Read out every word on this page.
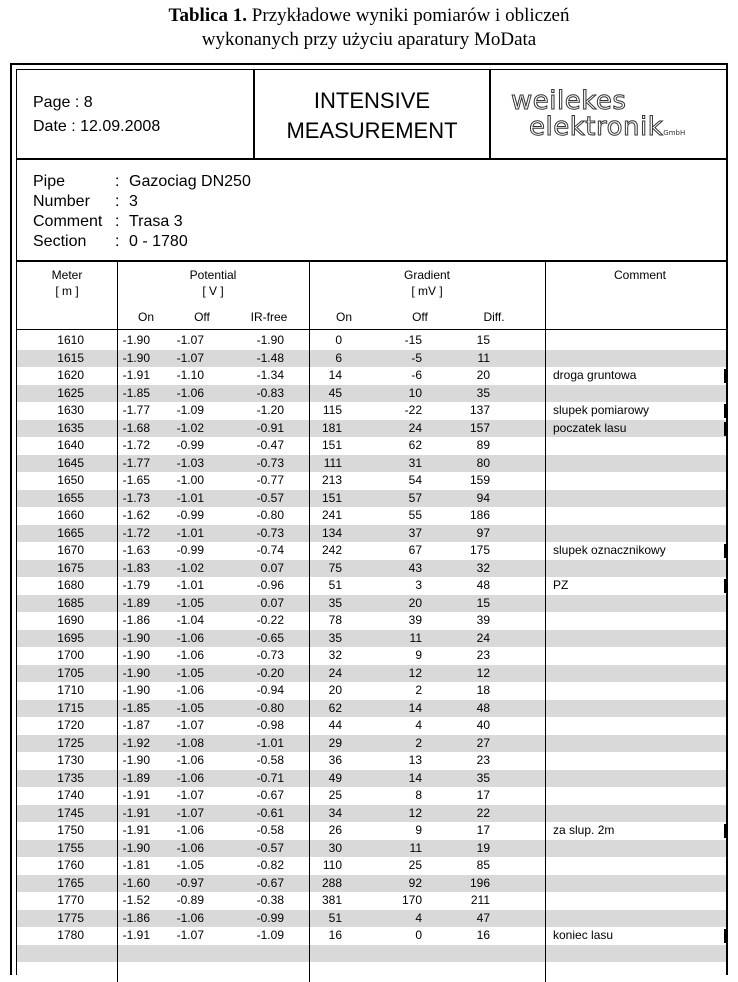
Tablica 1. Przykładowe wyniki pomiarów i obliczeń
wykonanych przy użyciu aparatury MoData
Page : 8
Date : 12.09.2008
INTENSIVE
MEASUREMENT
weilekes
elektronikGmbH
Pipe	: Gazociag DN250
Number : 3
Comment : Trasa 3
Section : 0 - 1780
Meter
[ m ]
Potential
[ V ]
Gradient
[ mV ]
Comment
On	Off	IR-free	On	Off	Diff.
1610	-1.90 -1.07	-1.90	0	-15	15
1615	-1.90 -1.07	-1.48	6	-5	11
1620	-1.91 -1.10	-1.34	14	-6	20	droga gruntowa
1625	-1.85 -1.06	-0.83	45	10	35
1630	-1.77 -1.09	-1.20	115	-22	137	slupek pomiarowy
1635	-1.68 -1.02	-0.91	181	24	157	poczatek lasu
1640	-1.72 -0.99	-0.47	151	62	89
1645	-1.77 -1.03	-0.73	111	31	80
1650	-1.65 -1.00	-0.77	213	54	159
1655	-1.73 -1.01	-0.57	151	57	94
1660	-1.62 -0.99	-0.80	241	55	186
1665	-1.72 -1.01	-0.73	134	37	97
1670	-1.63 -0.99	-0.74	242	67	175	slupek oznacznikowy
1675	-1.83 -1.02	0.07	75	43	32
1680	-1.79 -1.01	-0.96	51	3	48	PZ
1685	-1.89 -1.05	0.07	35	20	15
1690	-1.86 -1.04	-0.22	78	39	39
1695	-1.90 -1.06	-0.65	35	11	24
1700	-1.90 -1.06	-0.73	32	9	23
1705	-1.90 -1.05	-0.20	24	12	12
1710	-1.90 -1.06	-0.94	20	2	18
1715	-1.85 -1.05	-0.80	62	14	48
1720	-1.87 -1.07	-0.98	44	4	40
1725	-1.92 -1.08	-1.01	29	2	27
1730	-1.90 -1.06	-0.58	36	13	23
1735	-1.89 -1.06	-0.71	49	14	35
1740	-1.91 -1.07	-0.67	25	8	17
1745	-1.91 -1.07	-0.61	34	12	22
1750	-1.91 -1.06	-0.58	26	9	17	za slup. 2m
1755	-1.90 -1.06	-0.57	30	11	19
1760	-1.81 -1.05	-0.82	110	25	85
1765	-1.60 -0.97	-0.67	288	92	196
1770	-1.52 -0.89	-0.38	381	170	211
1775	-1.86 -1.06	-0.99	51	4	47
1780	-1.91 -1.07	-1.09	16	0	16	koniec lasu
